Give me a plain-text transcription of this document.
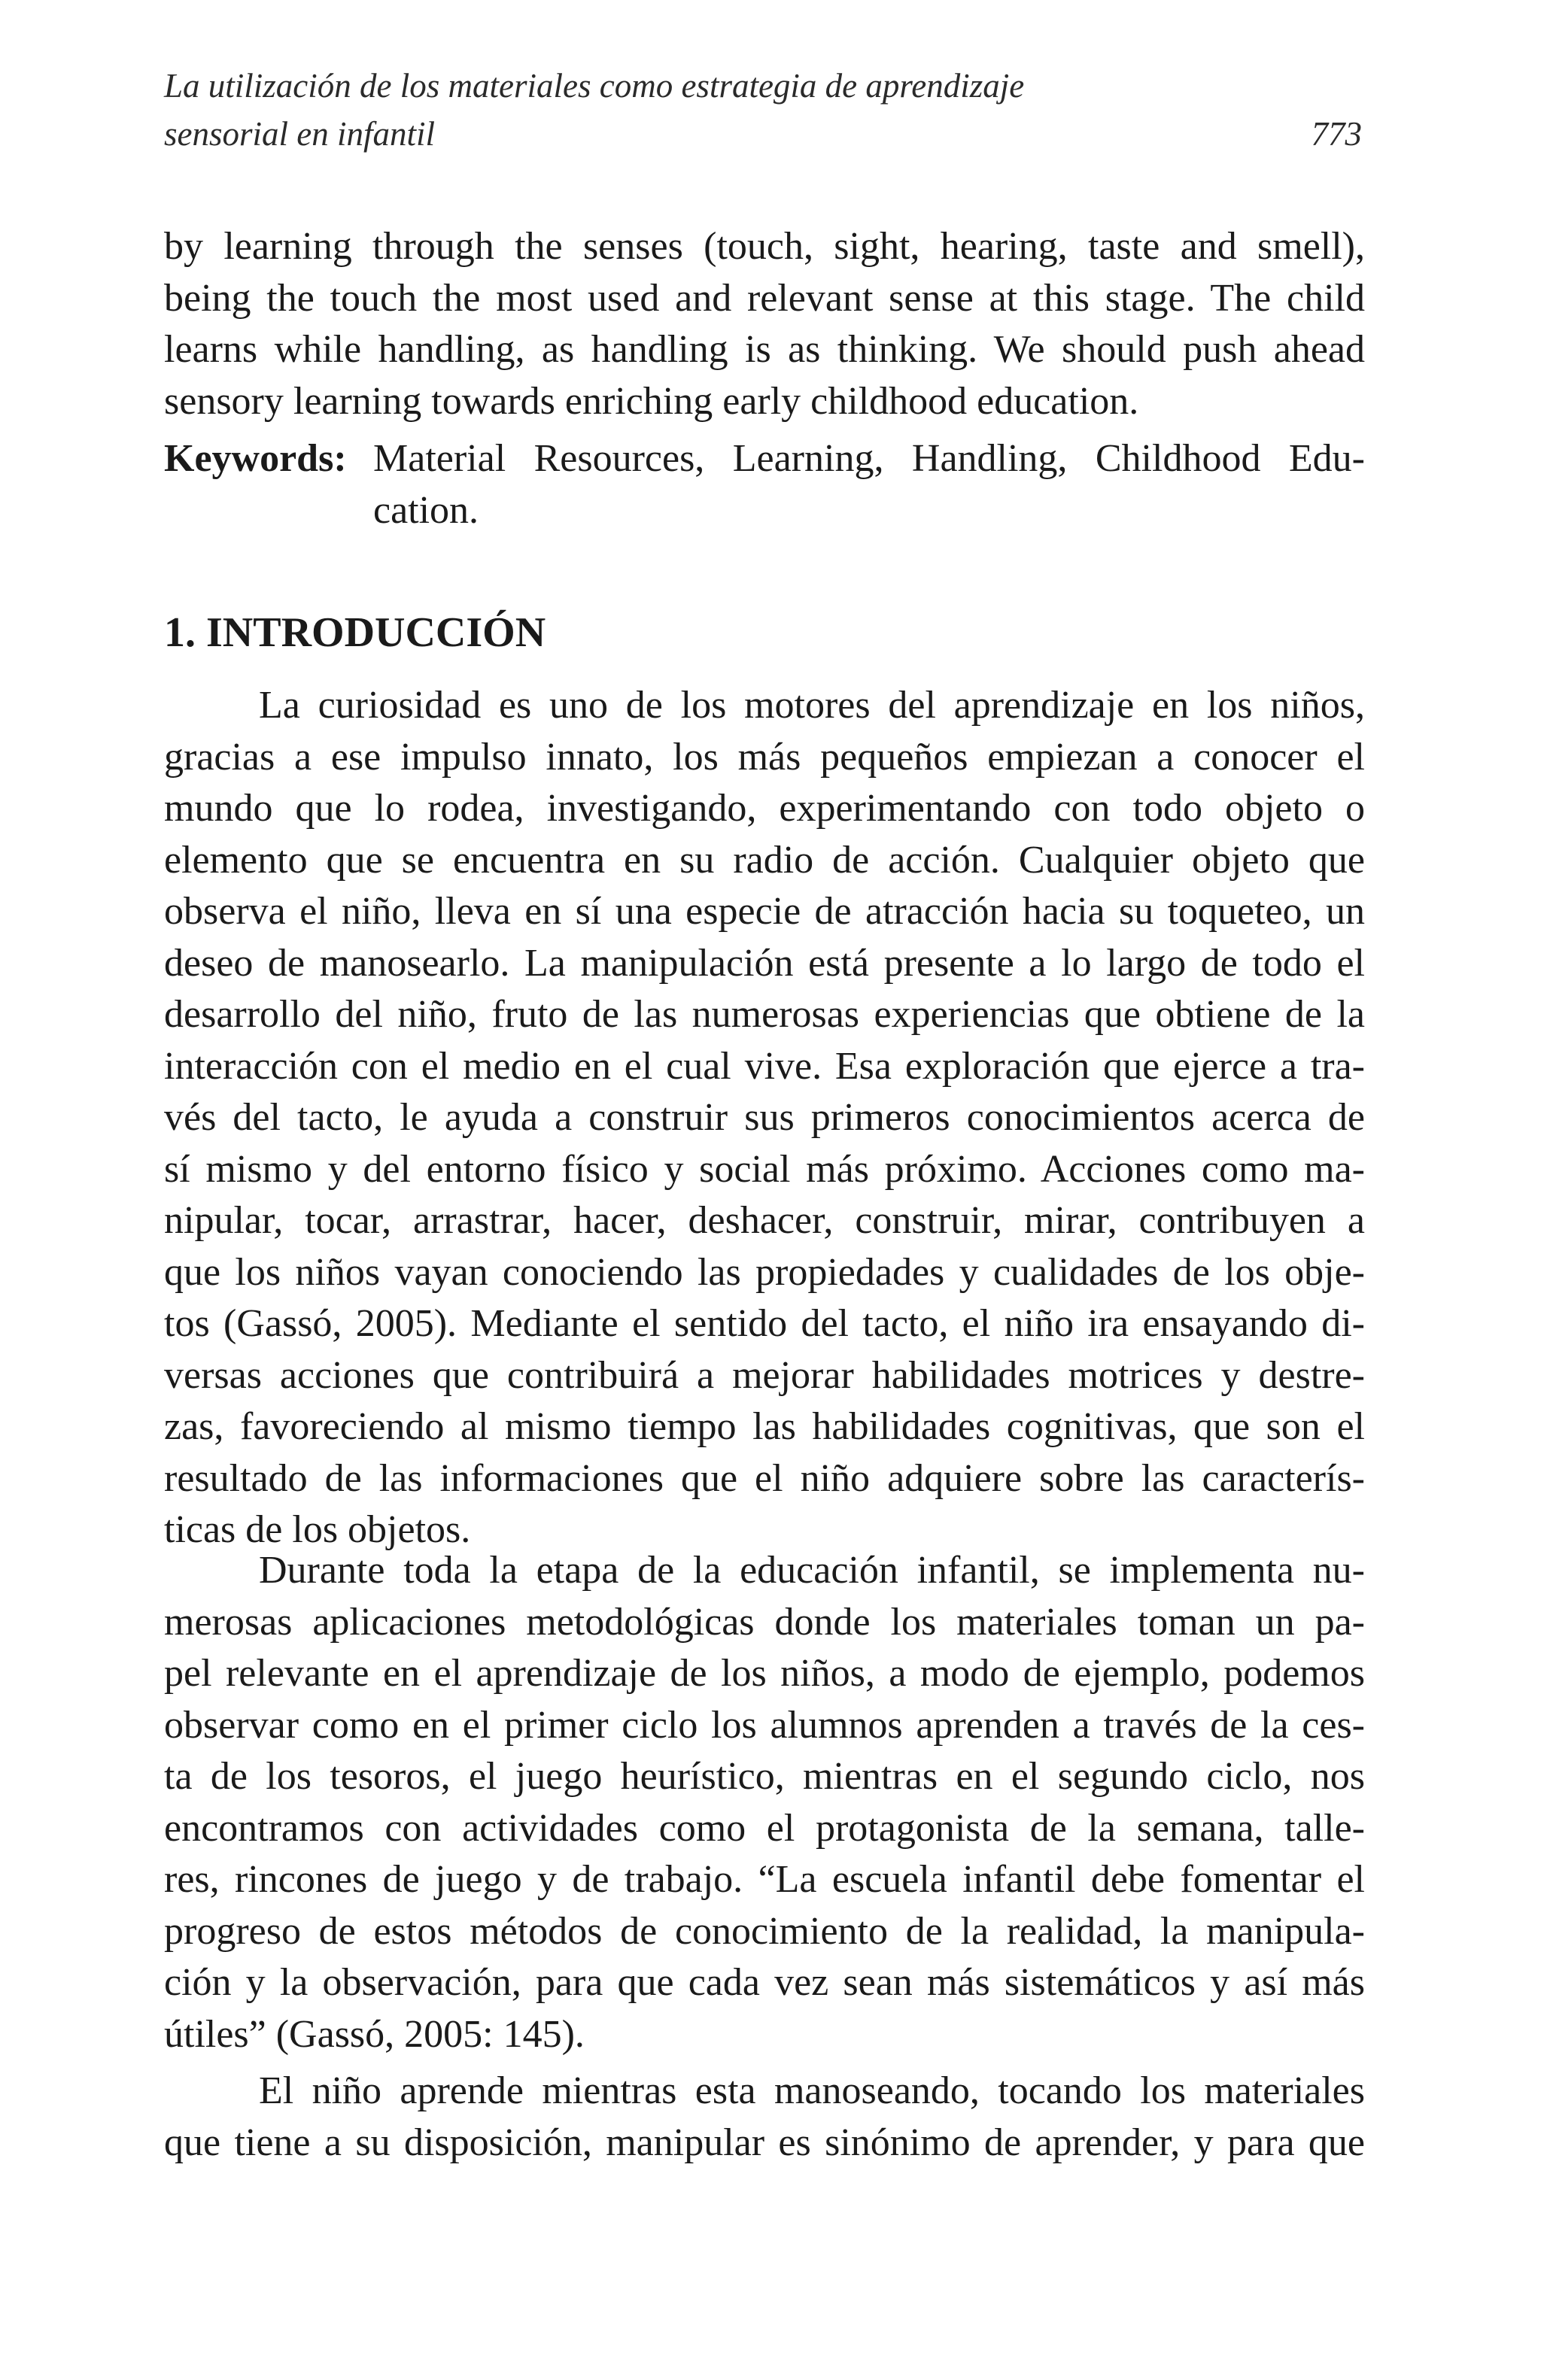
La utilización de los materiales como estrategia de aprendizaje
sensorial en infantil	773
by learning through the senses (touch, sight, hearing, taste and smell),
being the touch the most used and relevant sense at this stage. The child
learns while handling, as handling is as thinking. We should push ahead
sensory learning towards enriching early childhood education.
Keywords: Material Resources, Learning, Handling, Childhood Edu-
cation.
1. INTRODUCCIÓN
La curiosidad es uno de los motores del aprendizaje en los niños,
gracias a ese impulso innato, los más pequeños empiezan a conocer el
mundo que lo rodea, investigando, experimentando con todo objeto o
elemento que se encuentra en su radio de acción. Cualquier objeto que
observa el niño, lleva en sí una especie de atracción hacia su toqueteo, un
deseo de manosearlo. La manipulación está presente a lo largo de todo el
desarrollo del niño, fruto de las numerosas experiencias que obtiene de la
interacción con el medio en el cual vive. Esa exploración que ejerce a tra-
vés del tacto, le ayuda a construir sus primeros conocimientos acerca de
sí mismo y del entorno físico y social más próximo. Acciones como ma-
nipular, tocar, arrastrar, hacer, deshacer, construir, mirar, contribuyen a
que los niños vayan conociendo las propiedades y cualidades de los obje-
tos (Gassó, 2005). Mediante el sentido del tacto, el niño ira ensayando di-
versas acciones que contribuirá a mejorar habilidades motrices y destre-
zas, favoreciendo al mismo tiempo las habilidades cognitivas, que son el
resultado de las informaciones que el niño adquiere sobre las caracterís-
ticas de los objetos.
Durante toda la etapa de la educación infantil, se implementa nu-
merosas aplicaciones metodológicas donde los materiales toman un pa-
pel relevante en el aprendizaje de los niños, a modo de ejemplo, podemos
observar como en el primer ciclo los alumnos aprenden a través de la ces-
ta de los tesoros, el juego heurístico, mientras en el segundo ciclo, nos
encontramos con actividades como el protagonista de la semana, talle-
res, rincones de juego y de trabajo. “La escuela infantil debe fomentar el
progreso de estos métodos de conocimiento de la realidad, la manipula-
ción y la observación, para que cada vez sean más sistemáticos y así más
útiles” (Gassó, 2005: 145).
El niño aprende mientras esta manoseando, tocando los materiales
que tiene a su disposición, manipular es sinónimo de aprender, y para que
